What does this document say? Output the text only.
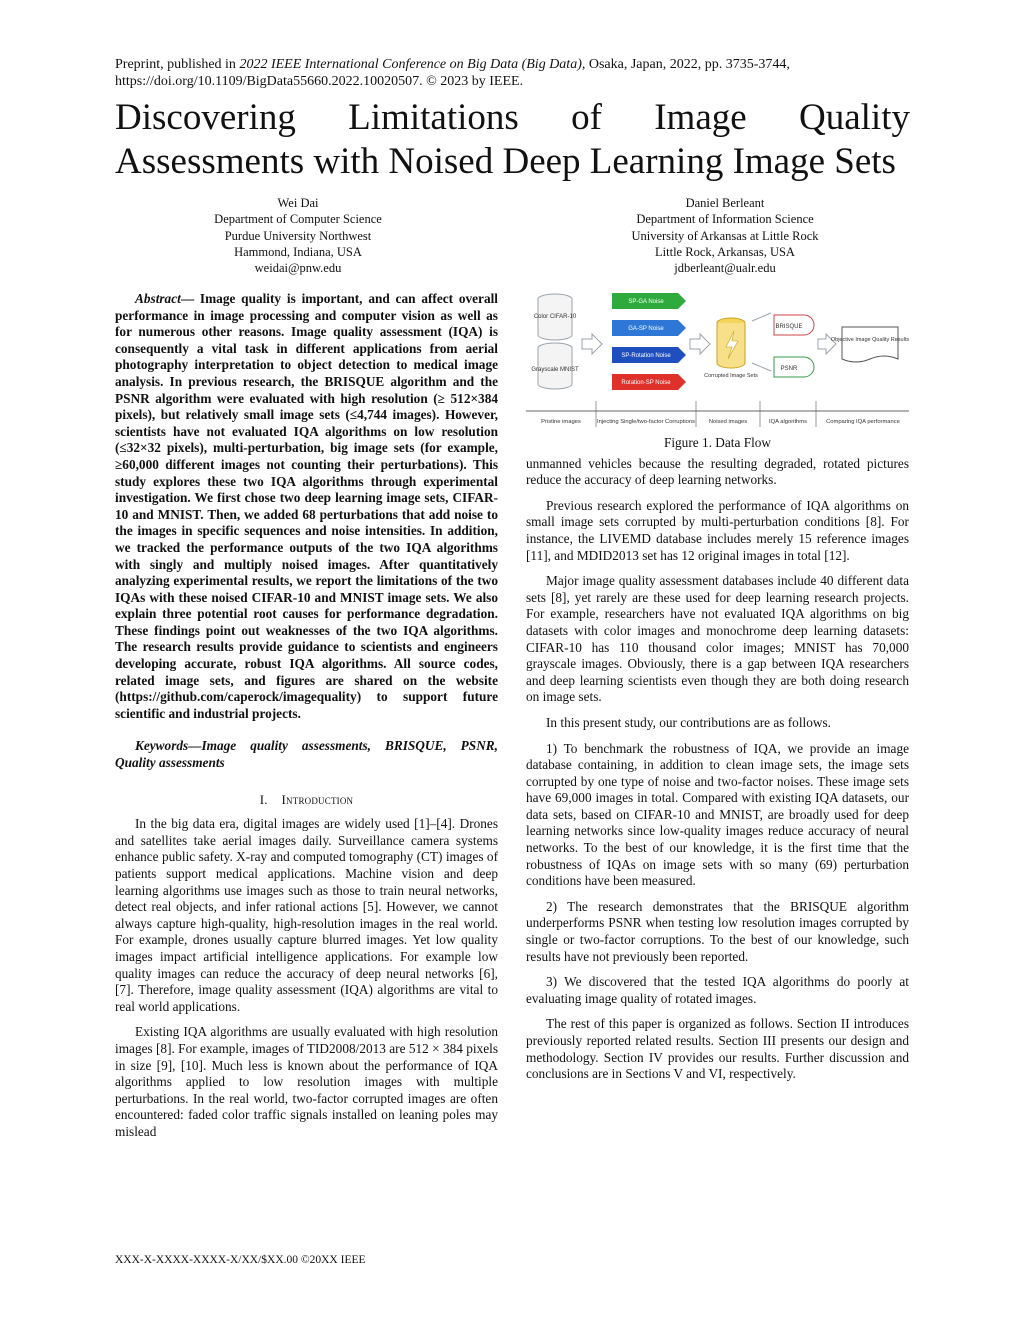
Preprint, published in 2022 IEEE International Conference on Big Data (Big Data), Osaka, Japan, 2022, pp. 3735-3744,
https://doi.org/10.1109/BigData55660.2022.10020507. © 2023 by IEEE.
Discovering Limitations of Image Quality
Assessments with Noised Deep Learning Image Sets
Wei Dai
Department of Computer Science
Purdue University Northwest
Hammond, Indiana, USA
weidai@pnw.edu
Daniel Berleant
Department of Information Science
University of Arkansas at Little Rock
Little Rock, Arkansas, USA
jdberleant@ualr.edu

Abstract— Image quality is important, and can affect overall performance in image processing and computer vision as well as for numerous other reasons. Image quality assessment (IQA) is consequently a vital task in different applications from aerial photography interpretation to object detection to medical image analysis. In previous research, the BRISQUE algorithm and the PSNR algorithm were evaluated with high resolution (≥ 512×384 pixels), but relatively small image sets (≤4,744 images). However, scientists have not evaluated IQA algorithms on low resolution (≤32×32 pixels), multi-perturbation, big image sets (for example, ≥60,000 different images not counting their perturbations). This study explores these two IQA algorithms through experimental investigation. We first chose two deep learning image sets, CIFAR-10 and MNIST. Then, we added 68 perturbations that add noise to the images in specific sequences and noise intensities. In addition, we tracked the performance outputs of the two IQA algorithms with singly and multiply noised images. After quantitatively analyzing experimental results, we report the limitations of the two IQAs with these noised CIFAR-10 and MNIST image sets. We also explain three potential root causes for performance degradation. These findings point out weaknesses of the two IQA algorithms. The research results provide guidance to scientists and engineers developing accurate, robust IQA algorithms. All source codes, related image sets, and figures are shared on the website (https://github.com/caperock/imagequality) to support future scientific and industrial projects.

Keywords—Image quality assessments, BRISQUE, PSNR, Quality assessments

I. Introduction

In the big data era, digital images are widely used [1]–[4]. Drones and satellites take aerial images daily. Surveillance camera systems enhance public safety. X-ray and computed tomography (CT) images of patients support medical applications. Machine vision and deep learning algorithms use images such as those to train neural networks, detect real objects, and infer rational actions [5]. However, we cannot always capture high-quality, high-resolution images in the real world. For example, drones usually capture blurred images. Yet low quality images impact artificial intelligence applications. For example low quality images can reduce the accuracy of deep neural networks [6], [7]. Therefore, image quality assessment (IQA) algorithms are vital to real world applications.

Existing IQA algorithms are usually evaluated with high resolution images [8]. For example, images of TID2008/2013 are 512 × 384 pixels in size [9], [10]. Much less is known about the performance of IQA algorithms applied to low resolution images with multiple perturbations. In the real world, two-factor corrupted images are often encountered: faded color traffic signals installed on leaning poles may mislead

Color CIFAR-10
Grayscale MNIST
SP-GA Noise
GA-SP Noise
SP-Rotation Noise
Rotation-SP Noise
Corrupted Image Sets
BRISQUE
PSNR
Objective Image Quality Results
Pristine images	Injecting Single/two-factor Corruptions Noised images	IQA algorithms	Comparing IQA performance
Figure 1. Data Flow

unmanned vehicles because the resulting degraded, rotated pictures reduce the accuracy of deep learning networks.

Previous research explored the performance of IQA algorithms on small image sets corrupted by multi-perturbation conditions [8]. For instance, the LIVEMD database includes merely 15 reference images [11], and MDID2013 set has 12 original images in total [12].

Major image quality assessment databases include 40 different data sets [8], yet rarely are these used for deep learning research projects. For example, researchers have not evaluated IQA algorithms on big datasets with color images and monochrome deep learning datasets: CIFAR-10 has 110 thousand color images; MNIST has 70,000 grayscale images. Obviously, there is a gap between IQA researchers and deep learning scientists even though they are both doing research on image sets.

In this present study, our contributions are as follows.

1) To benchmark the robustness of IQA, we provide an image database containing, in addition to clean image sets, the image sets corrupted by one type of noise and two-factor noises. These image sets have 69,000 images in total. Compared with existing IQA datasets, our data sets, based on CIFAR-10 and MNIST, are broadly used for deep learning networks since low-quality images reduce accuracy of neural networks. To the best of our knowledge, it is the first time that the robustness of IQAs on image sets with so many (69) perturbation conditions have been measured.

2) The research demonstrates that the BRISQUE algorithm underperforms PSNR when testing low resolution images corrupted by single or two-factor corruptions. To the best of our knowledge, such results have not previously been reported.

3) We discovered that the tested IQA algorithms do poorly at evaluating image quality of rotated images.

The rest of this paper is organized as follows. Section II introduces previously reported related results. Section III presents our design and methodology. Section IV provides our results. Further discussion and conclusions are in Sections V and VI, respectively.

XXX-X-XXXX-XXXX-X/XX/$XX.00 ©20XX IEEE
